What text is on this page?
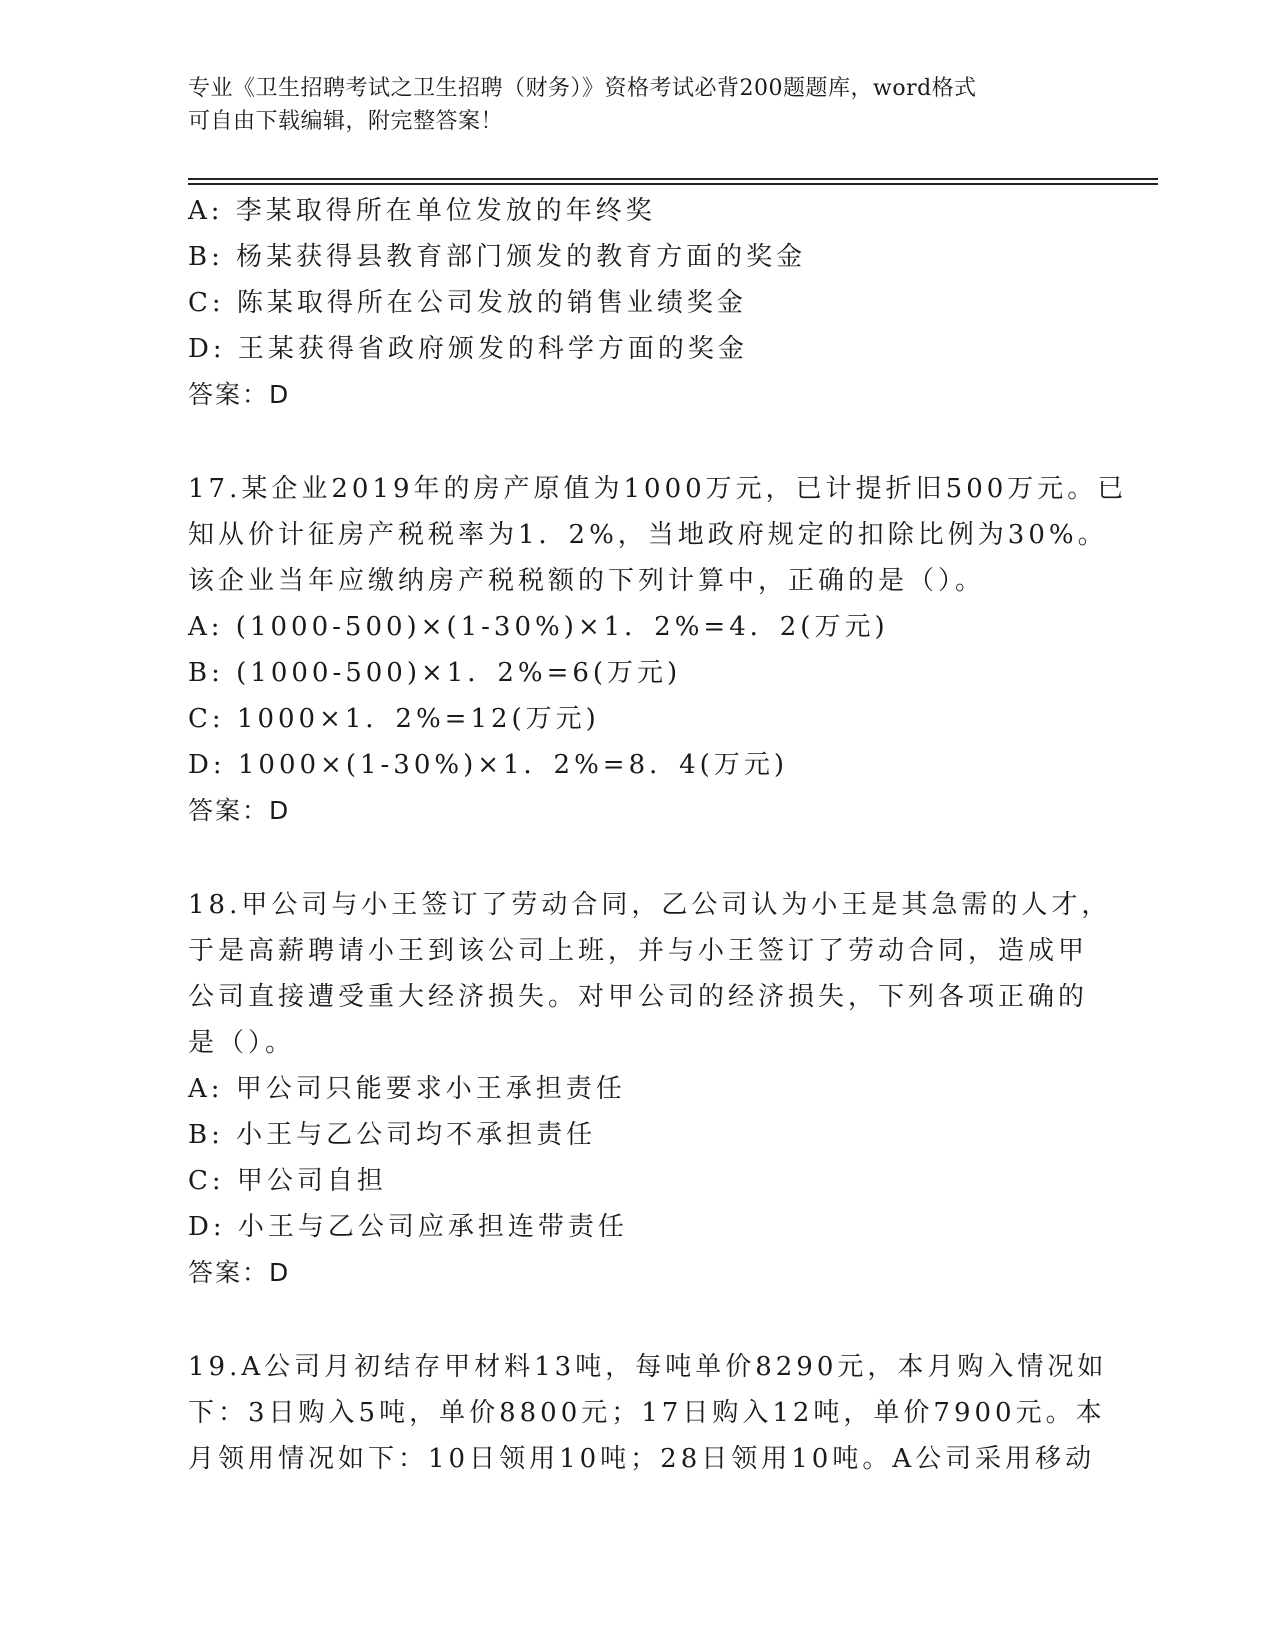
专业《卫生招聘考试之卫生招聘（财务）》资格考试必背200题题库，word格式
可自由下载编辑，附完整答案！
A: 李某取得所在单位发放的年终奖
B: 杨某获得县教育部门颁发的教育方面的奖金
C: 陈某取得所在公司发放的销售业绩奖金
D: 王某获得省政府颁发的科学方面的奖金
答案：D
17.某企业2019年的房产原值为1000万元，已计提折旧500万元。已
知从价计征房产税税率为1．2%，当地政府规定的扣除比例为30%。
该企业当年应缴纳房产税税额的下列计算中，正确的是（）。
A: (1000-500)×(1-30%)×1．2%=4．2(万元)
B: (1000-500)×1．2%=6(万元)
C: 1000×1．2%=12(万元)
D: 1000×(1-30%)×1．2%=8．4(万元)
答案：D
18.甲公司与小王签订了劳动合同，乙公司认为小王是其急需的人才，
于是高薪聘请小王到该公司上班，并与小王签订了劳动合同，造成甲
公司直接遭受重大经济损失。对甲公司的经济损失，下列各项正确的
是（）。
A: 甲公司只能要求小王承担责任
B: 小王与乙公司均不承担责任
C: 甲公司自担
D: 小王与乙公司应承担连带责任
答案：D
19.A公司月初结存甲材料13吨，每吨单价8290元，本月购入情况如
下：3日购入5吨，单价8800元；17日购入12吨，单价7900元。本
月领用情况如下：10日领用10吨；28日领用10吨。A公司采用移动
